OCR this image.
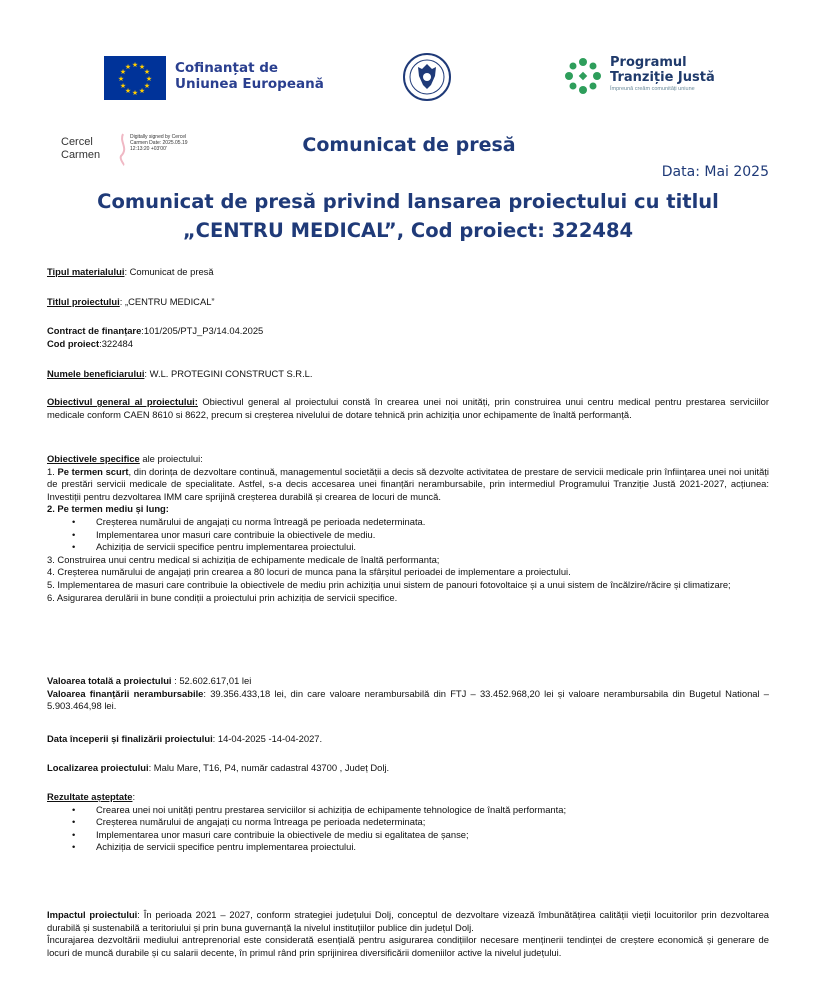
★ ★
★
★
★
★
★
★
★
★
★
★	Cofinanțat de
Uniunea Europeană
Programul
Tranziție Justă
Împreună creăm comunități uniune
Cercel
Carmen
Digitally signed by Cercel Carmen Date: 2025.05.19 12:13:20 +03'00'	Comunicat de presă
Data: Mai 2025
Comunicat de presă privind lansarea proiectului cu titlul
„CENTRU MEDICAL”, Cod proiect: 322484
Tipul materialului: Comunicat de presă
Titlul proiectului: „CENTRU MEDICAL”
Contract de finanțare:101/205/PTJ_P3/14.04.2025
Cod proiect:322484
Numele beneficiarului: W.L. PROTEGINI CONSTRUCT S.R.L.
Obiectivul general al proiectului: Obiectivul general al proiectului constă în crearea unei noi unități, prin construirea unui centru medical pentru prestarea serviciilor medicale conform CAEN 8610 si 8622, precum si creșterea nivelului de dotare tehnică prin achiziția unor echipamente de înaltă performanță.
Obiectivele specifice ale proiectului:
1. Pe termen scurt, din dorința de dezvoltare continuă, managementul societății a decis să dezvolte activitatea de prestare de servicii medicale prin înființarea unei noi unități de prestări servicii medicale de specialitate. Astfel, s-a decis accesarea unei finanțări nerambursabile, prin intermediul Programului Tranziție Justă 2021-2027, acțiunea: Investiții pentru dezvoltarea IMM care sprijină creșterea durabilă și crearea de locuri de muncă.
2. Pe termen mediu și lung:
• Creșterea numărului de angajați cu norma întreagă pe perioada nedeterminata.
• Implementarea unor masuri care contribuie la obiectivele de mediu.
• Achiziția de servicii specifice pentru implementarea proiectului.
3. Construirea unui centru medical si achiziția de echipamente medicale de înaltă performanta;
4. Creșterea numărului de angajați prin crearea a 80 locuri de munca pana la sfârșitul perioadei de implementare a proiectului.
5. Implementarea de masuri care contribuie la obiectivele de mediu prin achiziția unui sistem de panouri fotovoltaice și a unui sistem de încălzire/răcire și climatizare;
6. Asigurarea derulării in bune condiții a proiectului prin achiziția de servicii specifice.
Valoarea totală a proiectului : 52.602.617,01 lei
Valoarea finanțării nerambursabile: 39.356.433,18 lei, din care valoare nerambursabilă din FTJ – 33.452.968,20 lei și valoare nerambursabila din Bugetul National – 5.903.464,98 lei.
Data începerii și finalizării proiectului: 14-04-2025 -14-04-2027.
Localizarea proiectului: Malu Mare, T16, P4, număr cadastral 43700 , Județ Dolj.
Rezultate așteptate:
• Crearea unei noi unități pentru prestarea serviciilor si achiziția de echipamente tehnologice de înaltă performanta;
• Creșterea numărului de angajați cu norma întreaga pe perioada nedeterminata;
• Implementarea unor masuri care contribuie la obiectivele de mediu si egalitatea de șanse;
• Achiziția de servicii specifice pentru implementarea proiectului.
Impactul proiectului: În perioada 2021 – 2027, conform strategiei județului Dolj, conceptul de dezvoltare vizează îmbunătățirea calității vieții locuitorilor prin dezvoltarea durabilă și sustenabilă a teritoriului și prin buna guvernanță la nivelul instituțiilor publice din județul Dolj.
Încurajarea dezvoltării mediului antreprenorial este considerată esențială pentru asigurarea condițiilor necesare menținerii tendinței de creștere economică și generare de locuri de muncă durabile și cu salarii decente, în primul rând prin sprijinirea diversificării domeniilor active la nivelul județului.
